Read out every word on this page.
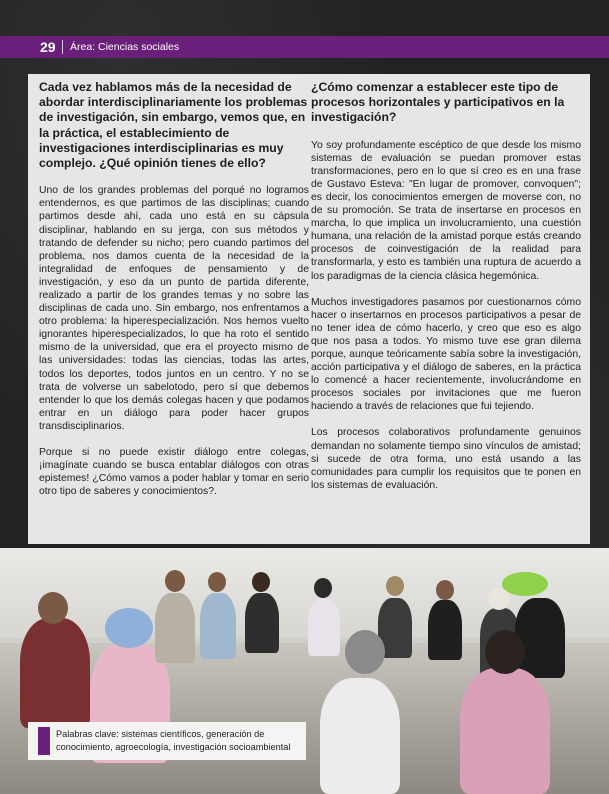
29 Área: Ciencias sociales

Cada vez hablamos más de la necesidad de abordar interdisciplinariamente los problemas de investigación, sin embargo, vemos que, en la práctica, el establecimiento de investigaciones interdisciplinarias es muy complejo. ¿Qué opinión tienes de ello?

Uno de los grandes problemas del porqué no logramos entendernos, es que partimos de las disciplinas; cuando partimos desde ahí, cada uno está en su cápsula disciplinar, hablando en su jerga, con sus métodos y tratando de defender su nicho; pero cuando partimos del problema, nos damos cuenta de la necesidad de la integralidad de enfoques de pensamiento y de investigación, y eso da un punto de partida diferente, realizado a partir de los grandes temas y no sobre las disciplinas de cada uno. Sin embargo, nos enfrentamos a otro problema: la hiperespecialización. Nos hemos vuelto ignorantes hiperespecializados, lo que ha roto el sentido mismo de la universidad, que era el proyecto mismo de las universidades: todas las ciencias, todas las artes, todos los deportes, todos juntos en un centro. Y no se trata de volverse un sabelotodo, pero sí que debemos entender lo que los demás colegas hacen y que podamos entrar en un diálogo para poder hacer grupos transdisciplinarios.

Porque si no puede existir diálogo entre colegas, ¡imagínate cuando se busca entablar diálogos con otras epistemes! ¿Cómo vamos a poder hablar y tomar en serio otro tipo de saberes y conocimientos?.

¿Cómo comenzar a establecer este tipo de procesos horizontales y participativos en la investigación?

Yo soy profundamente escéptico de que desde los mismo sistemas de evaluación se puedan promover estas transformaciones, pero en lo que sí creo es en una frase de Gustavo Esteva: "En lugar de promover, convoquen"; es decir, los conocimientos emergen de moverse con, no de su promoción. Se trata de insertarse en procesos en marcha, lo que implica un involucramiento, una cuestión humana, una relación de la amistad porque estás creando procesos de coinvestigación de la realidad para transformarla, y esto es también una ruptura de acuerdo a los paradigmas de la ciencia clásica hegemónica.

Muchos investigadores pasamos por cuestionarnos cómo hacer o insertarnos en procesos participativos a pesar de no tener idea de cómo hacerlo, y creo que eso es algo que nos pasa a todos. Yo mismo tuve ese gran dilema porque, aunque teóricamente sabía sobre la investigación, acción participativa y el diálogo de saberes, en la práctica lo comencé a hacer recientemente, involucrándome en procesos sociales por invitaciones que me fueron haciendo a través de relaciones que fui tejiendo.

Los procesos colaborativos profundamente genuinos demandan no solamente tiempo sino vínculos de amistad; si sucede de otra forma, uno está usando a las comunidades para cumplir los requisitos que te ponen en los sistemas de evaluación.

Palabras clave: sistemas científicos, generación de conocimiento, agroecología, investigación socioambiental
